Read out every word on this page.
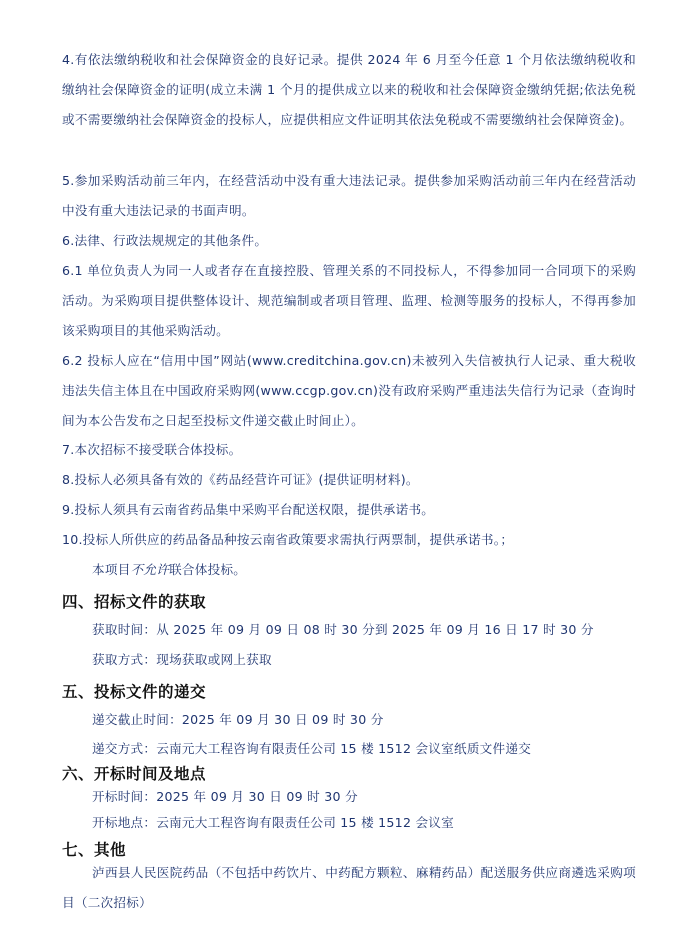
4.有依法缴纳税收和社会保障资金的良好记录。提供 2024 年 6 月至今任意 1 个月依法缴纳税收和缴纳社会保障资金的证明(成立未满 1 个月的提供成立以来的税收和社会保障资金缴纳凭据;依法免税或不需要缴纳社会保障资金的投标人，应提供相应文件证明其依法免税或不需要缴纳社会保障资金)。

5.参加采购活动前三年内，在经营活动中没有重大违法记录。提供参加采购活动前三年内在经营活动中没有重大违法记录的书面声明。

6.法律、行政法规规定的其他条件。

6.1 单位负责人为同一人或者存在直接控股、管理关系的不同投标人，不得参加同一合同项下的采购活动。为采购项目提供整体设计、规范编制或者项目管理、监理、检测等服务的投标人，不得再参加该采购项目的其他采购活动。

6.2 投标人应在“信用中国”网站(www.creditchina.gov.cn)未被列入失信被执行人记录、重大税收违法失信主体且在中国政府采购网(www.ccgp.gov.cn)没有政府采购严重违法失信行为记录（查询时间为本公告发布之日起至投标文件递交截止时间止）。

7.本次招标不接受联合体投标。

8.投标人必须具备有效的《药品经营许可证》(提供证明材料)。

9.投标人须具有云南省药品集中采购平台配送权限，提供承诺书。

10.投标人所供应的药品备品种按云南省政策要求需执行两票制，提供承诺书。；

本项目不允许联合体投标。

四、招标文件的获取

获取时间：从 2025 年 09 月 09 日 08 时 30 分到 2025 年 09 月 16 日 17 时 30 分

获取方式：现场获取或网上获取

五、投标文件的递交

递交截止时间：2025 年 09 月 30 日 09 时 30 分

递交方式：云南元大工程咨询有限责任公司 15 楼 1512 会议室纸质文件递交

六、开标时间及地点

开标时间：2025 年 09 月 30 日 09 时 30 分

开标地点：云南元大工程咨询有限责任公司 15 楼 1512 会议室

七、其他

泸西县人民医院药品（不包括中药饮片、中药配方颗粒、麻精药品）配送服务供应商遴选采购项目（二次招标）
